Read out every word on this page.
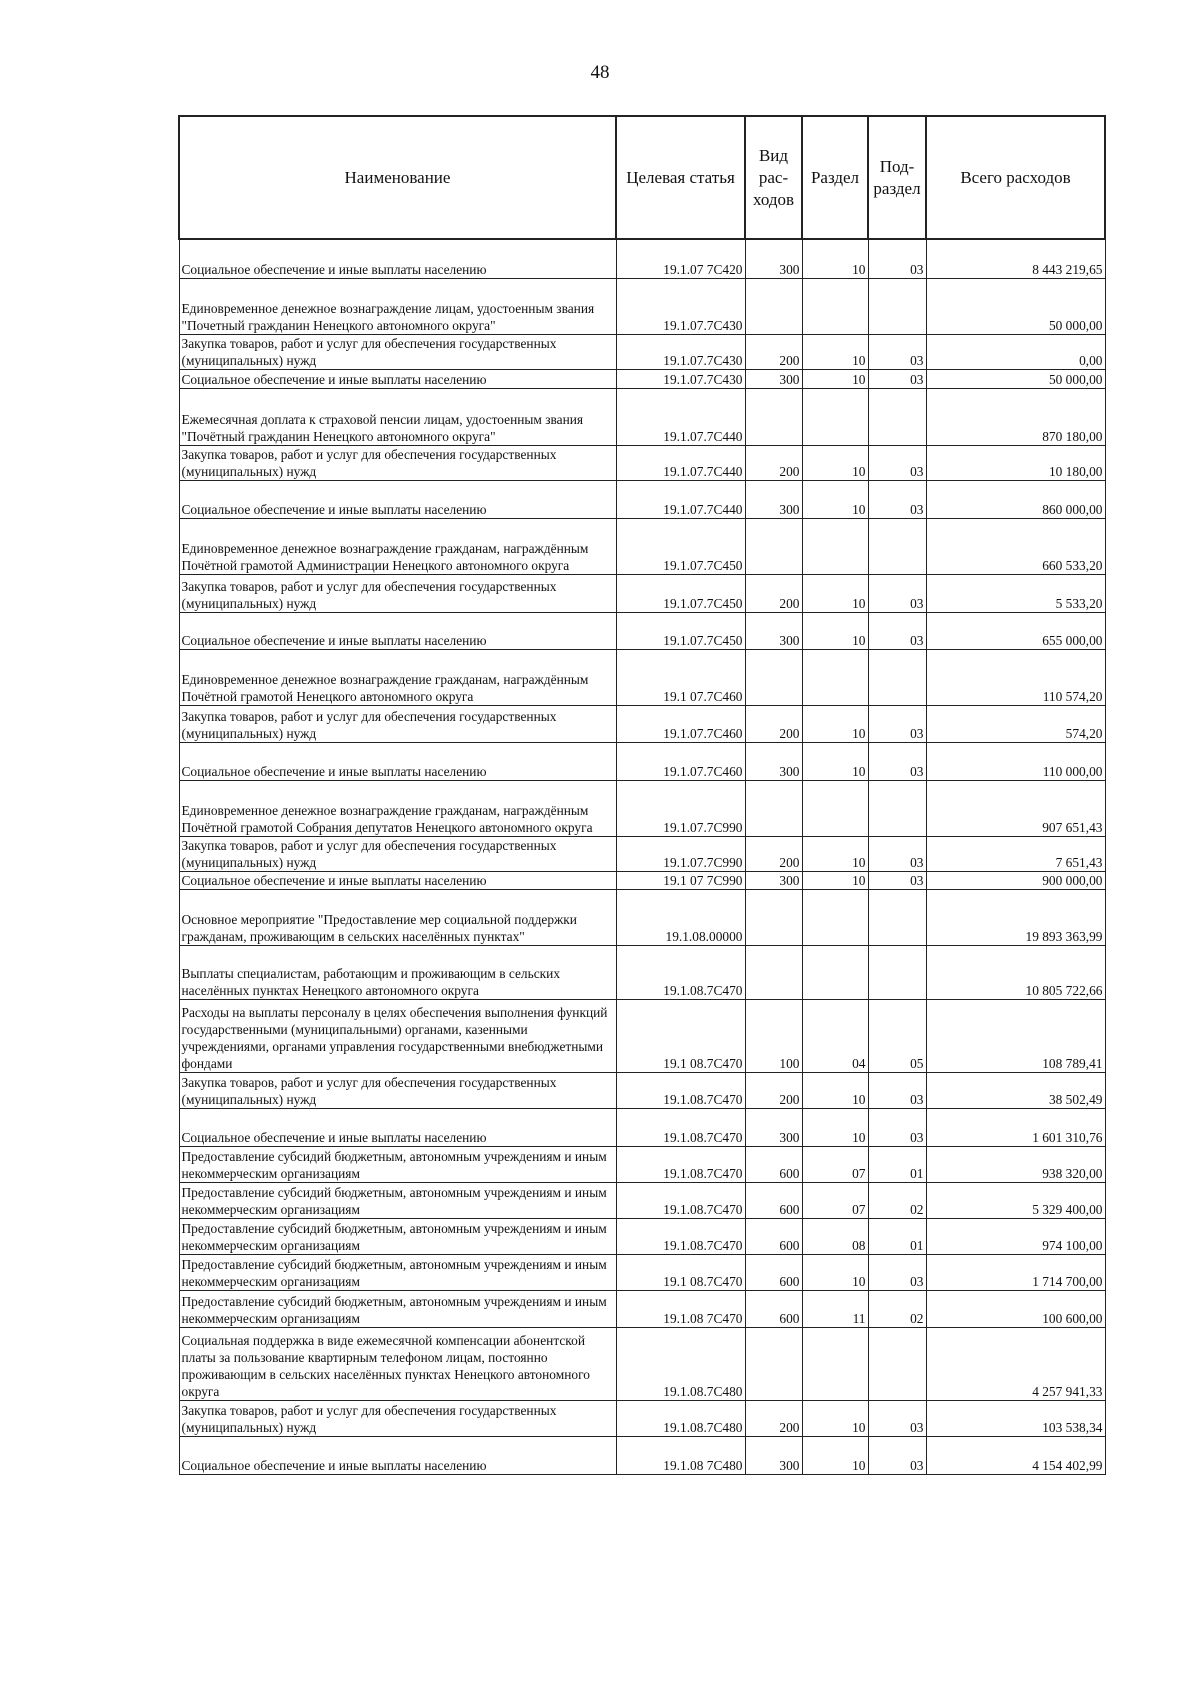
48
Наименование	Целевая статья	Вид рас- ходов	Раздел	Под- раздел	Всего расходов
Социальное обеспечение и иные выплаты населению	19.1.07 7С420	300	10	03	8 443 219,65
Единовременное денежное вознаграждение лицам, удостоенным звания "Почетный гражданин Ненецкого автономного округа"	19.1.07.7С430				50 000,00
Закупка товаров, работ и услуг для обеспечения государственных (муниципальных) нужд	19.1.07.7С430	200	10	03	0,00
Социальное обеспечение и иные выплаты населению	19.1.07.7С430	300	10	03	50 000,00
Ежемесячная доплата к страховой пенсии лицам, удостоенным звания "Почётный гражданин Ненецкого автономного округа"	19.1.07.7С440				870 180,00
Закупка товаров, работ и услуг для обеспечения государственных (муниципальных) нужд	19.1.07.7С440	200	10	03	10 180,00
Социальное обеспечение и иные выплаты населению	19.1.07.7С440	300	10	03	860 000,00
Единовременное денежное вознаграждение гражданам, награждённым Почётной грамотой Администрации Ненецкого автономного округа	19.1.07.7С450				660 533,20
Закупка товаров, работ и услуг для обеспечения государственных (муниципальных) нужд	19.1.07.7С450	200	10	03	5 533,20
Социальное обеспечение и иные выплаты населению	19.1.07.7С450	300	10	03	655 000,00
Единовременное денежное вознаграждение гражданам, награждённым Почётной грамотой Ненецкого автономного округа	19.1 07.7С460				110 574,20
Закупка товаров, работ и услуг для обеспечения государственных (муниципальных) нужд	19.1.07.7С460	200	10	03	574,20
Социальное обеспечение и иные выплаты населению	19.1.07.7С460	300	10	03	110 000,00
Единовременное денежное вознаграждение гражданам, награждённым Почётной грамотой Собрания депутатов Ненецкого автономного округа	19.1.07.7С990				907 651,43
Закупка товаров, работ и услуг для обеспечения государственных (муниципальных) нужд	19.1.07.7С990	200	10	03	7 651,43
Социальное обеспечение и иные выплаты населению	19.1 07 7С990	300	10	03	900 000,00
Основное мероприятие "Предоставление мер социальной поддержки гражданам, проживающим в сельских населённых пунктах"	19.1.08.00000				19 893 363,99
Выплаты специалистам, работающим и проживающим в сельских населённых пунктах Ненецкого автономного округа	19.1.08.7С470				10 805 722,66
Расходы на выплаты персоналу в целях обеспечения выполнения функций государственными (муниципальными) органами, казенными учреждениями, органами управления государственными внебюджетными фондами	19.1 08.7С470	100	04	05	108 789,41
Закупка товаров, работ и услуг для обеспечения государственных (муниципальных) нужд	19.1.08.7С470	200	10	03	38 502,49
Социальное обеспечение и иные выплаты населению	19.1.08.7С470	300	10	03	1 601 310,76
Предоставление субсидий бюджетным, автономным учреждениям и иным некоммерческим организациям	19.1.08.7С470	600	07	01	938 320,00
Предоставление субсидий бюджетным, автономным учреждениям и иным некоммерческим организациям	19.1.08.7С470	600	07	02	5 329 400,00
Предоставление субсидий бюджетным, автономным учреждениям и иным некоммерческим организациям	19.1.08.7С470	600	08	01	974 100,00
Предоставление субсидий бюджетным, автономным учреждениям и иным некоммерческим организациям	19.1 08.7С470	600	10	03	1 714 700,00
Предоставление субсидий бюджетным, автономным учреждениям и иным некоммерческим организациям	19.1.08 7С470	600	11	02	100 600,00
Социальная поддержка в виде ежемесячной компенсации абонентской платы за пользование квартирным телефоном лицам, постоянно проживающим в сельских населённых пунктах Ненецкого автономного округа	19.1.08.7С480				4 257 941,33
Закупка товаров, работ и услуг для обеспечения государственных (муниципальных) нужд	19.1.08.7С480	200	10	03	103 538,34
Социальное обеспечение и иные выплаты населению	19.1.08 7С480	300	10	03	4 154 402,99
